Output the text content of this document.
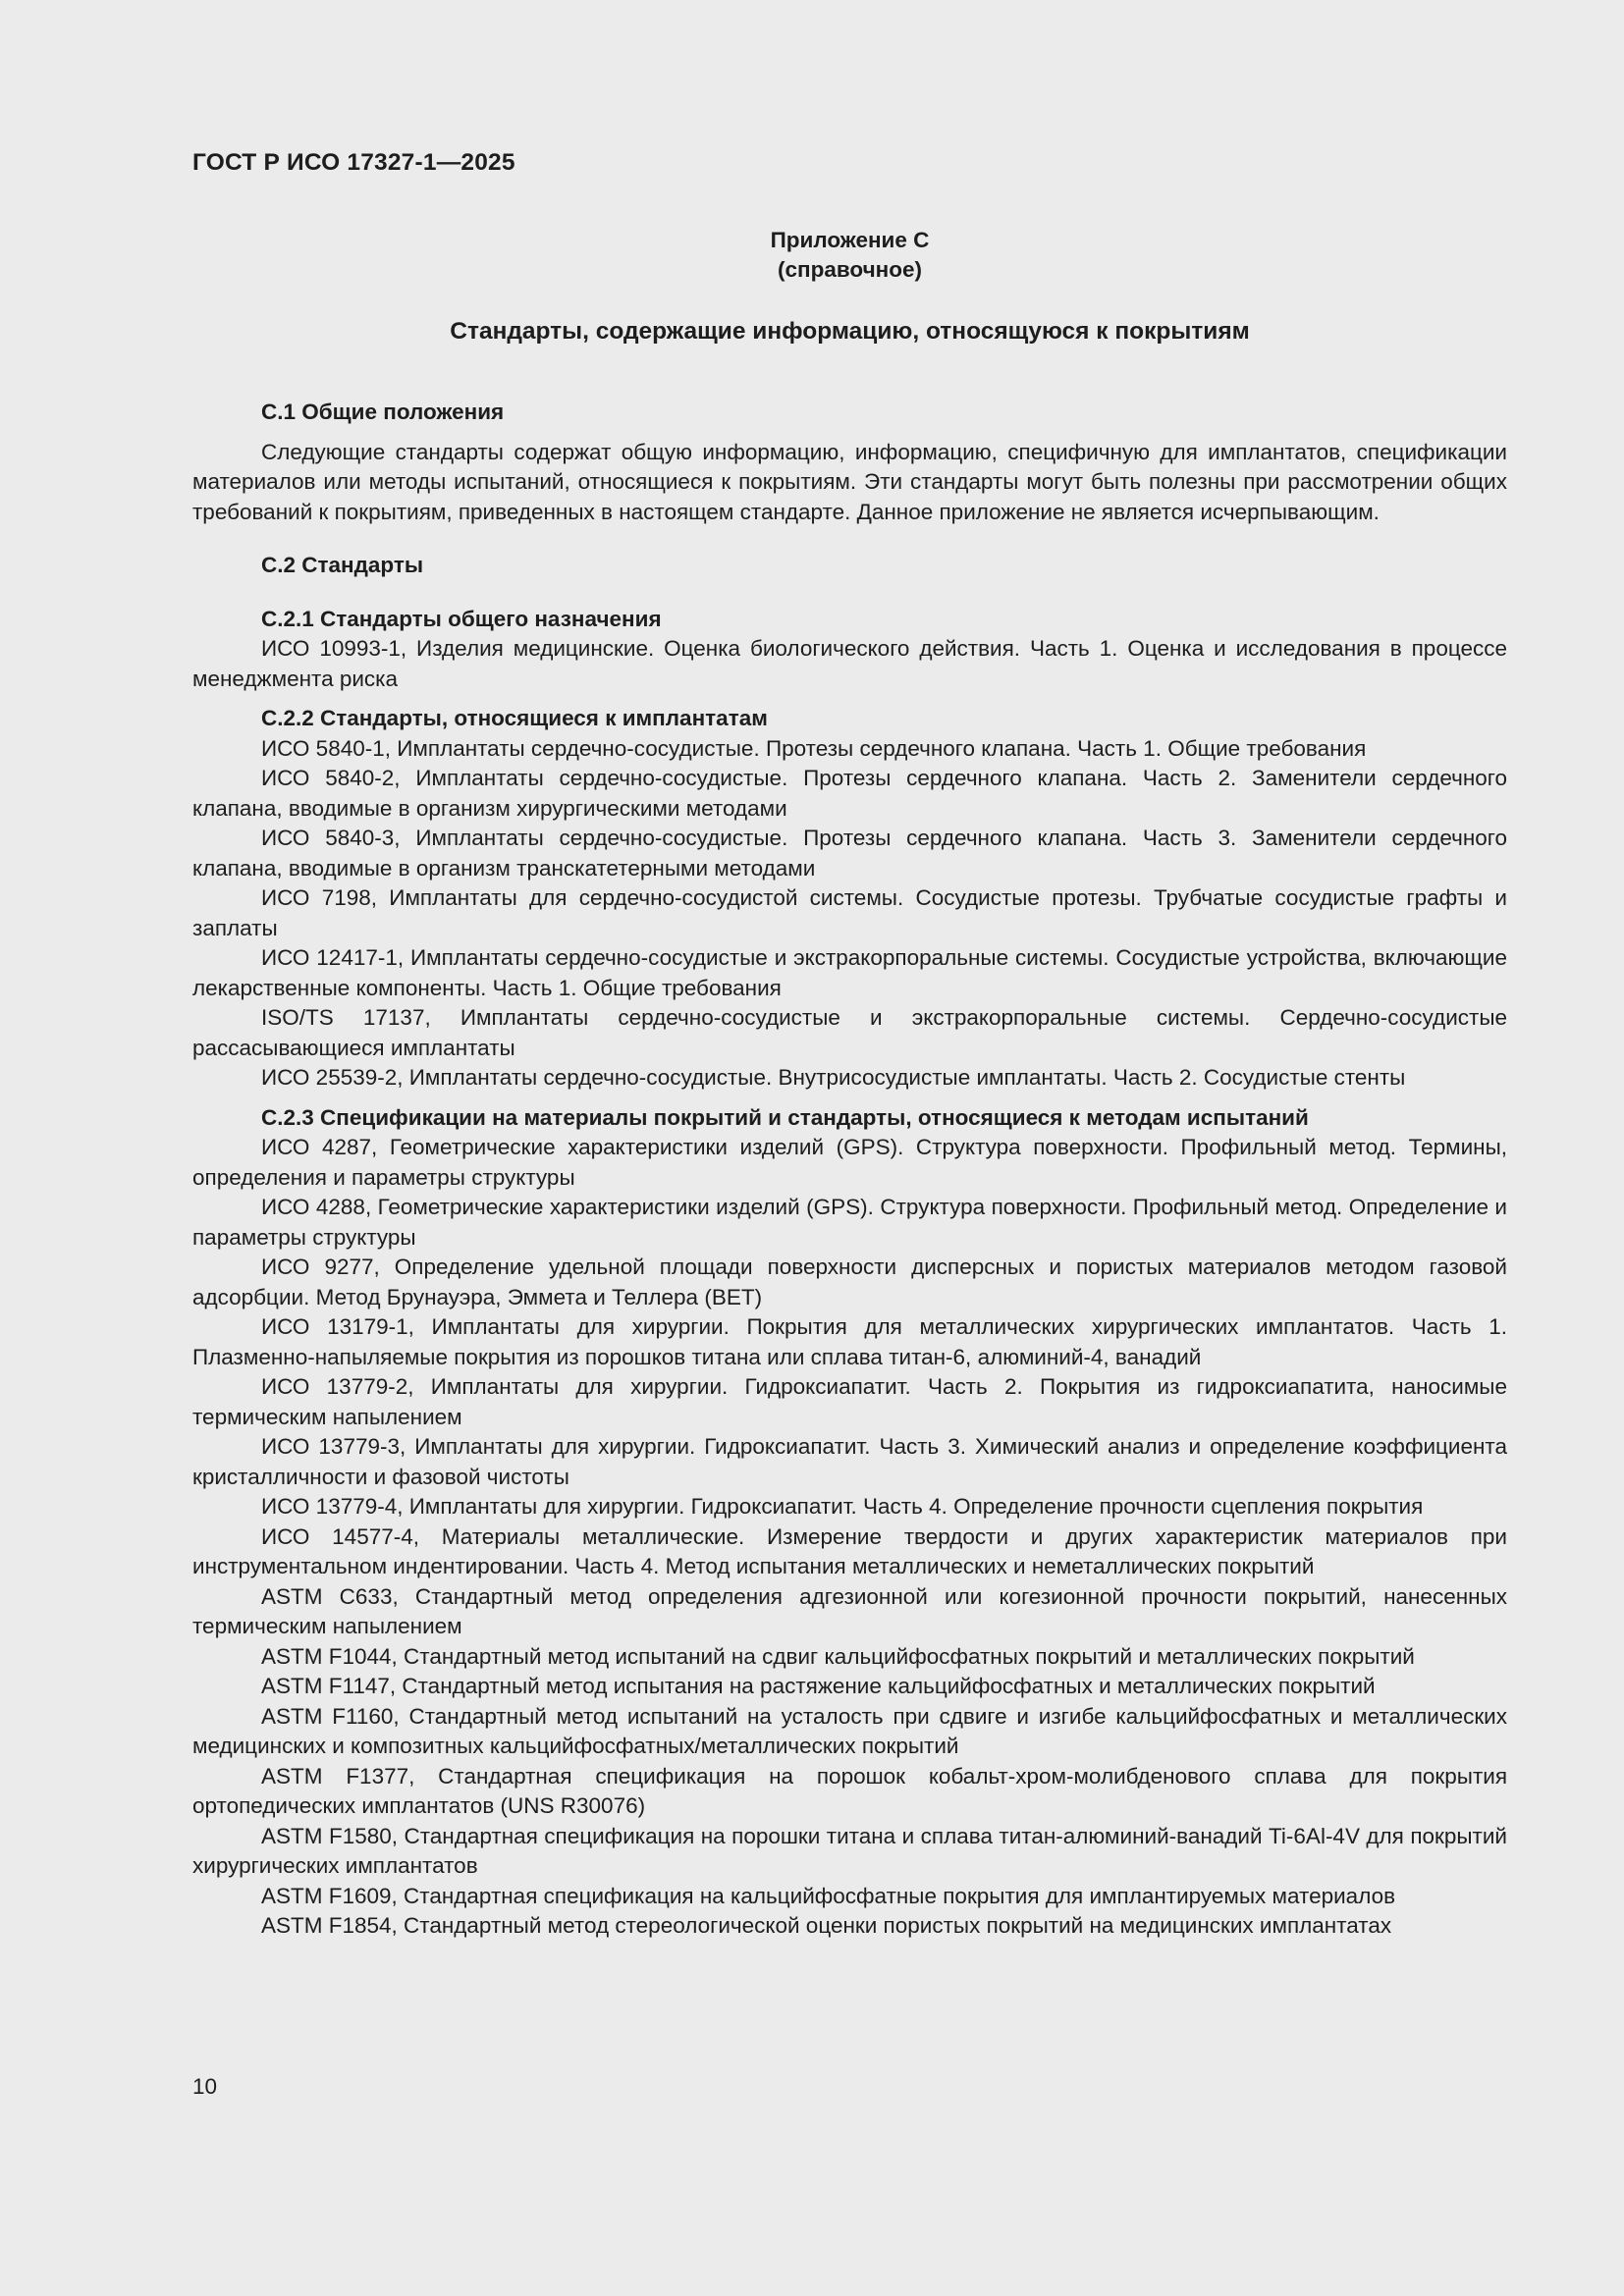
ГОСТ Р ИСО 17327-1—2025
Приложение С
(справочное)
Стандарты, содержащие информацию, относящуюся к покрытиям
С.1 Общие положения

Следующие стандарты содержат общую информацию, информацию, специфичную для имплантатов, спецификации материалов или методы испытаний, относящиеся к покрытиям. Эти стандарты могут быть полезны при рассмотрении общих требований к покрытиям, приведенных в настоящем стандарте. Данное приложение не является исчерпывающим.

С.2 Стандарты
С.2.1 Стандарты общего назначения

ИСО 10993-1, Изделия медицинские. Оценка биологического действия. Часть 1. Оценка и исследования в процессе менеджмента риска

С.2.2 Стандарты, относящиеся к имплантатам

ИСО 5840-1, Имплантаты сердечно-сосудистые. Протезы сердечного клапана. Часть 1. Общие требования

ИСО 5840-2, Имплантаты сердечно-сосудистые. Протезы сердечного клапана. Часть 2. Заменители сердечного клапана, вводимые в организм хирургическими методами

ИСО 5840-3, Имплантаты сердечно-сосудистые. Протезы сердечного клапана. Часть 3. Заменители сердечного клапана, вводимые в организм транскатетерными методами

ИСО 7198, Имплантаты для сердечно-сосудистой системы. Сосудистые протезы. Трубчатые сосудистые графты и заплаты

ИСО 12417-1, Имплантаты сердечно-сосудистые и экстракорпоральные системы. Сосудистые устройства, включающие лекарственные компоненты. Часть 1. Общие требования

ISO/TS 17137, Имплантаты сердечно-сосудистые и экстракорпоральные системы. Сердечно-сосудистые рассасывающиеся имплантаты

ИСО 25539-2, Имплантаты сердечно-сосудистые. Внутрисосудистые имплантаты. Часть 2. Сосудистые стенты

С.2.3 Спецификации на материалы покрытий и стандарты, относящиеся к методам испытаний

ИСО 4287, Геометрические характеристики изделий (GPS). Структура поверхности. Профильный метод. Термины, определения и параметры структуры

ИСО 4288, Геометрические характеристики изделий (GPS). Структура поверхности. Профильный метод. Определение и параметры структуры

ИСО 9277, Определение удельной площади поверхности дисперсных и пористых материалов методом газовой адсорбции. Метод Брунауэра, Эммета и Теллера (BET)

ИСО 13179-1, Имплантаты для хирургии. Покрытия для металлических хирургических имплантатов. Часть 1. Плазменно-напыляемые покрытия из порошков титана или сплава титан-6, алюминий-4, ванадий

ИСО 13779-2, Имплантаты для хирургии. Гидроксиапатит. Часть 2. Покрытия из гидроксиапатита, наносимые термическим напылением

ИСО 13779-3, Имплантаты для хирургии. Гидроксиапатит. Часть 3. Химический анализ и определение коэффициента кристалличности и фазовой чистоты

ИСО 13779-4, Имплантаты для хирургии. Гидроксиапатит. Часть 4. Определение прочности сцепления покрытия

ИСО 14577-4, Материалы металлические. Измерение твердости и других характеристик материалов при инструментальном индентировании. Часть 4. Метод испытания металлических и неметаллических покрытий

ASTM C633, Стандартный метод определения адгезионной или когезионной прочности покрытий, нанесенных термическим напылением

ASTM F1044, Стандартный метод испытаний на сдвиг кальцийфосфатных покрытий и металлических покрытий

ASTM F1147, Стандартный метод испытания на растяжение кальцийфосфатных и металлических покрытий

ASTM F1160, Стандартный метод испытаний на усталость при сдвиге и изгибе кальцийфосфатных и металлических медицинских и композитных кальцийфосфатных/металлических покрытий

ASTM F1377, Стандартная спецификация на порошок кобальт-хром-молибденового сплава для покрытия ортопедических имплантатов (UNS R30076)

ASTM F1580, Стандартная спецификация на порошки титана и сплава титан-алюминий-ванадий Ti-6Al-4V для покрытий хирургических имплантатов

ASTM F1609, Стандартная спецификация на кальцийфосфатные покрытия для имплантируемых материалов

ASTM F1854, Стандартный метод стереологической оценки пористых покрытий на медицинских имплантатах

10
